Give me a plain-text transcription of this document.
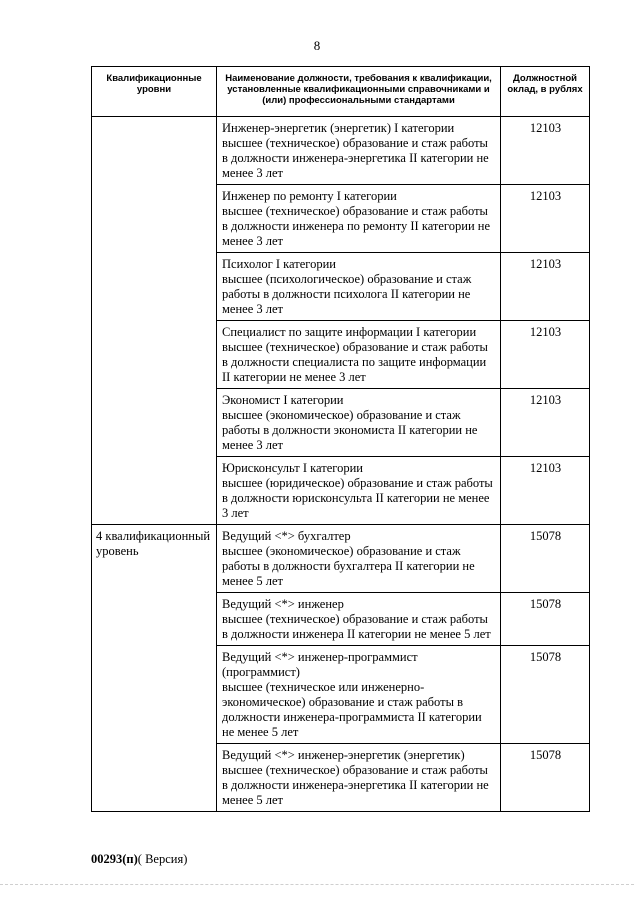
8
Квалификационные уровни	Наименование должности, требования к квалификации, установленные квалификационными справочниками и (или) профессиональными стандартами	Должностной оклад, в рублях

	Инженер-энергетик (энергетик) I категории
высшее (техническое) образование и стаж работы в должности инженера-энергетика II категории не менее 3 лет	12103

	Инженер по ремонту I категории
высшее (техническое) образование и стаж работы в должности инженера по ремонту II категории не менее 3 лет	12103

	Психолог I категории
высшее (психологическое) образование и стаж работы в должности психолога II категории не менее 3 лет	12103

	Специалист по защите информации I категории
высшее (техническое) образование и стаж работы в должности специалиста по защите информации II категории не менее 3 лет	12103

	Экономист I категории
высшее (экономическое) образование и стаж работы в должности экономиста II категории не менее 3 лет	12103

	Юрисконсульт I категории
высшее (юридическое) образование и стаж работы в должности юрисконсульта II категории не менее 3 лет	12103
4 квалификационный уровень	Ведущий <*> бухгалтер
высшее (экономическое) образование и стаж работы в должности бухгалтера II категории не менее 5 лет	15078

	Ведущий <*> инженер
высшее (техническое) образование и стаж работы в должности инженера II категории не менее 5 лет	15078

	Ведущий <*> инженер-программист (программист)
высшее (техническое или инженерно-экономическое) образование и стаж работы в должности инженера-программиста II категории не менее 5 лет	15078

	Ведущий <*> инженер-энергетик (энергетик)
высшее (техническое) образование и стаж работы в должности инженера-энергетика II категории не менее 5 лет	15078
00293(п)( Версия)
